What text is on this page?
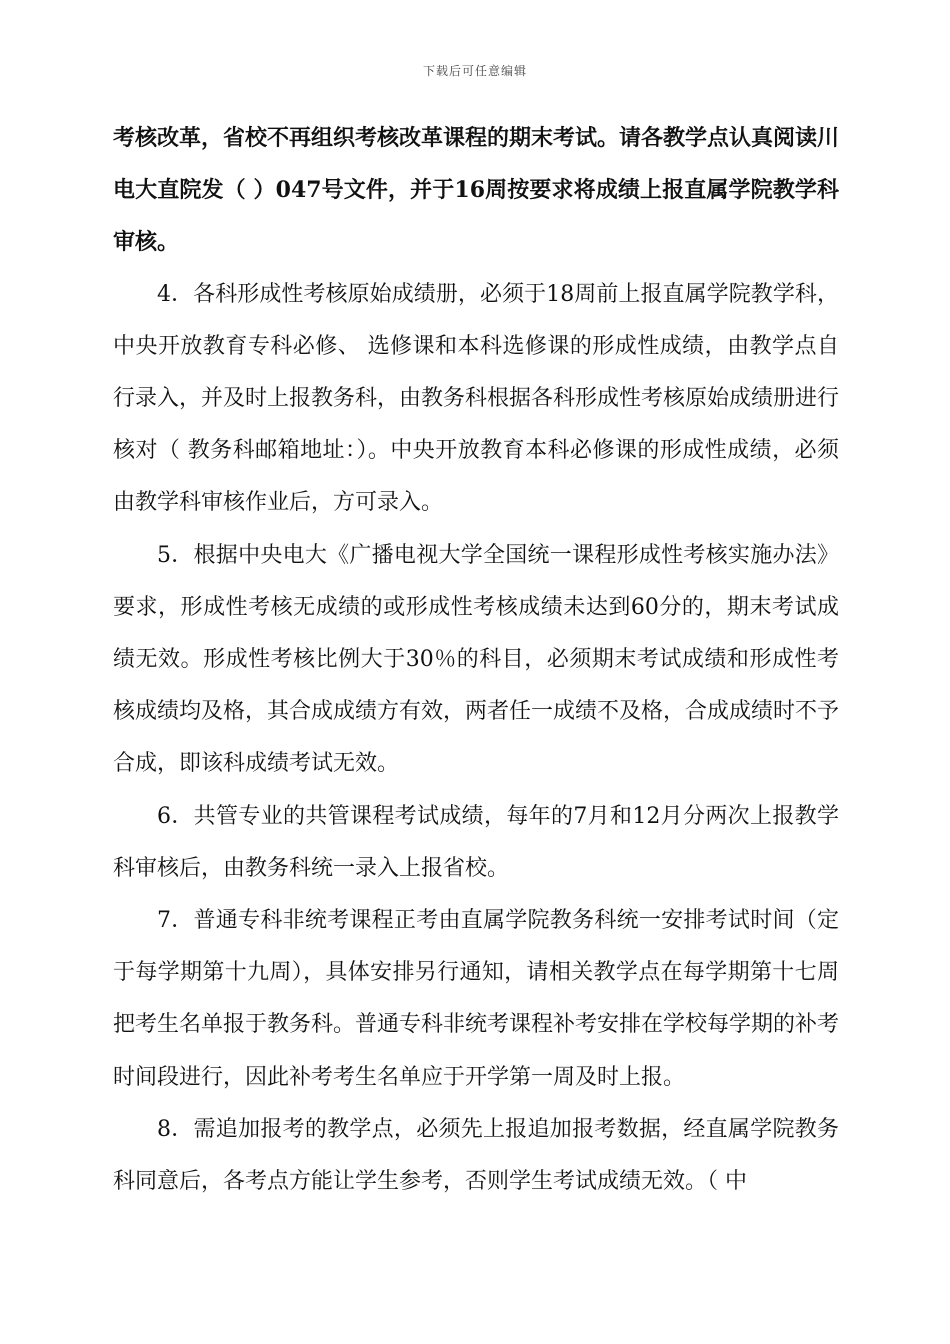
下载后可任意编辑

考核改革，省校不再组织考核改革课程的期末考试。请各教学点认真阅读川电大直院发（ ）047号文件，并于16周按要求将成绩上报直属学院教学科审核。

4．各科形成性考核原始成绩册，必须于18周前上报直属学院教学科，中央开放教育专科必修、 选修课和本科选修课的形成性成绩，由教学点自行录入，并及时上报教务科，由教务科根据各科形成性考核原始成绩册进行核对（ 教务科邮箱地址：）。中央开放教育本科必修课的形成性成绩，必须由教学科审核作业后，方可录入。

5．根据中央电大《广播电视大学全国统一课程形成性考核实施办法》要求，形成性考核无成绩的或形成性考核成绩未达到60分的，期末考试成绩无效。形成性考核比例大于30％的科目，必须期末考试成绩和形成性考核成绩均及格，其合成成绩方有效，两者任一成绩不及格，合成成绩时不予合成，即该科成绩考试无效。

6．共管专业的共管课程考试成绩，每年的7月和12月分两次上报教学科审核后，由教务科统一录入上报省校。

7．普通专科非统考课程正考由直属学院教务科统一安排考试时间（定于每学期第十九周），具体安排另行通知，请相关教学点在每学期第十七周把考生名单报于教务科。普通专科非统考课程补考安排在学校每学期的补考时间段进行，因此补考考生名单应于开学第一周及时上报。

8．需追加报考的教学点，必须先上报追加报考数据，经直属学院教务科同意后，各考点方能让学生参考，否则学生考试成绩无效。（ 中
